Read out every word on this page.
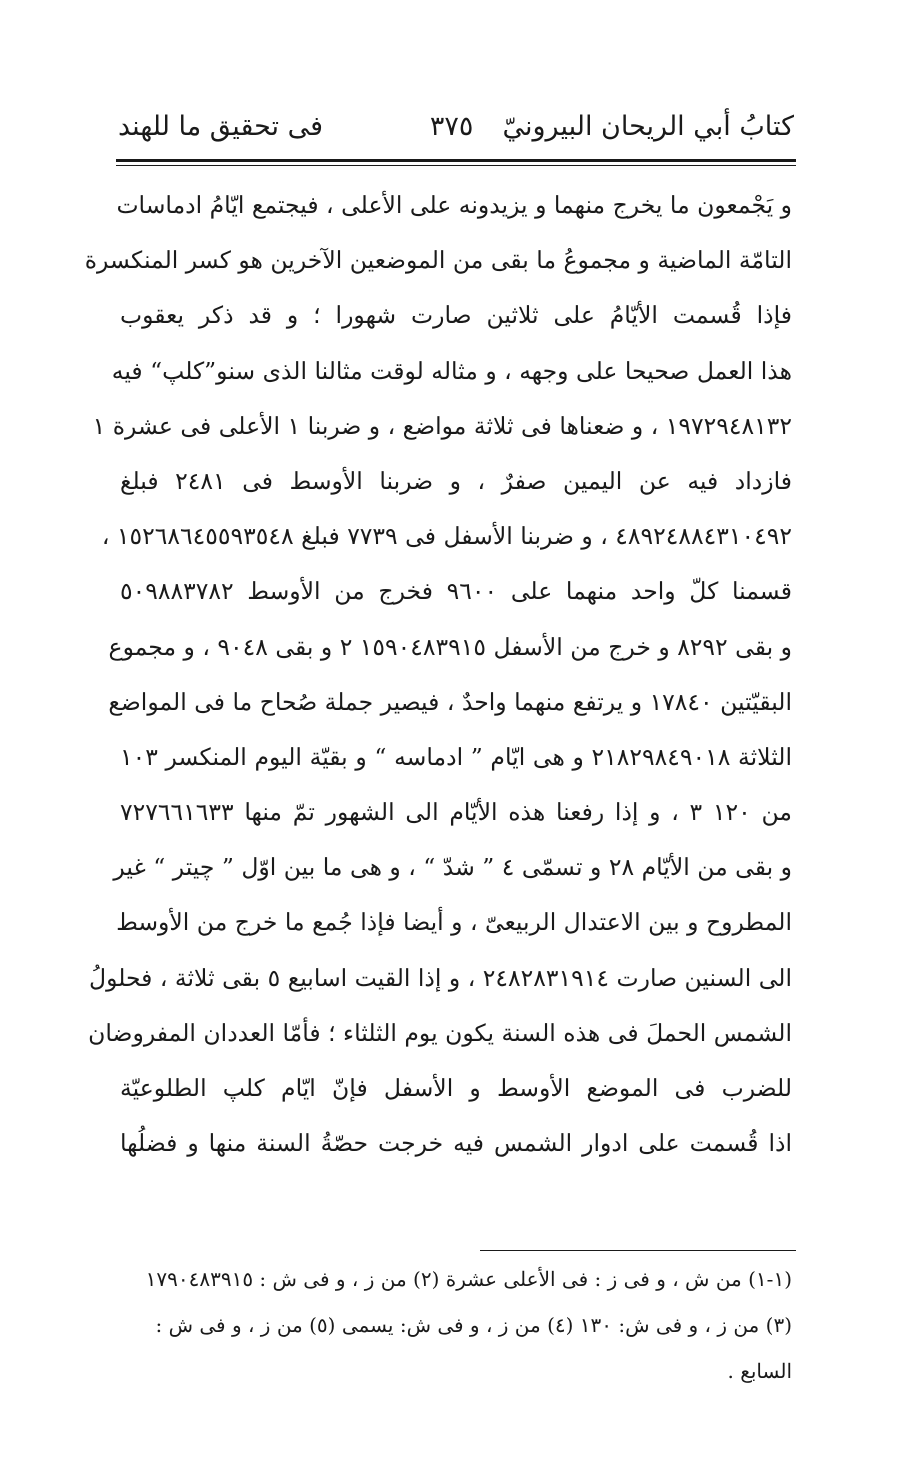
كتابُ أبي الريحان البيرونيّ
٣٧٥
فى تحقيق ما للهند
و يَجْمعون ما يخرج منهما و يزيدونه على الأعلى ، فيجتمع ايّامُ ادماسات
التامّة الماضية و مجموعُ ما بقى من الموضعين الآخرين هو كسر المنكسرة
فإذا قُسمت الأيّامُ على ثلاثين صارت شهورا ؛ و قد ذكر يعقوب
هذا العمل صحيحا على وجهه ، و مثاله لوقت مثالنا الذى سنو”كلپ“ فيه
١٩٧٢٩٤٨١٣٢ ، و ضعناها فى ثلاثة مواضع ، و ضربنا ١ الأعلى فى عشرة ١
فازداد فيه عن اليمين صفرٌ ، و ضربنا الأوسط فى ٢٤٨١ فبلغ
٤٨٩٢٤٨٨٤٣١٠٤٩٢ ، و ضربنا الأسفل فى ٧٧٣٩ فبلغ ١٥٢٦٨٦٤٥٥٩٣٥٤٨ ،
قسمنا كلّ واحد منهما على ٩٦٠٠ فخرج من الأوسط ٥٠٩٨٨٣٧٨٢
و بقى ٨٢٩٢ و خرج من الأسفل ١٥٩٠٤٨٣٩١٥ ٢ و بقى ٩٠٤٨ ، و مجموع
البقيّتين ١٧٨٤٠ و يرتفع منهما واحدٌ ، فيصير جملة صُحاح ما فى المواضع
الثلاثة ٢١٨٢٩٨٤٩٠١٨ و هى ايّام ” ادماسه “ و بقيّة اليوم المنكسر ١٠٣
من ١٢٠ ٣ ، و إذا رفعنا هذه الأيّام الى الشهور تمّ منها ٧٢٧٦٦١٦٣٣
و بقى من الأيّام ٢٨ و تسمّى ٤ ” شدّ “ ، و هى ما بين اوّل ” چيتر “ غير
المطروح و بين الاعتدال الربيعىّ ، و أيضا فإذا جُمع ما خرج من الأوسط
الى السنين صارت ٢٤٨٢٨٣١٩١٤ ، و إذا القيت اسابيع ٥ بقى ثلاثة ، فحلولُ
الشمس الحملَ فى هذه السنة يكون يوم الثلثاء ؛ فأمّا العددان المفروضان
للضرب فى الموضع الأوسط و الأسفل فإنّ ايّام كلپ الطلوعيّة
اذا قُسمت على ادوار الشمس فيه خرجت حصّةُ السنة منها و فضلُها
(١-١) من ش ، و فى ز : فى الأعلى عشرة (٢) من ز ، و فى ش : ١٧٩٠٤٨٣٩١٥
(٣) من ز ، و فى ش: ١٣٠ (٤) من ز ، و فى ش: يسمى (٥) من ز ، و فى ش :
السابع .
